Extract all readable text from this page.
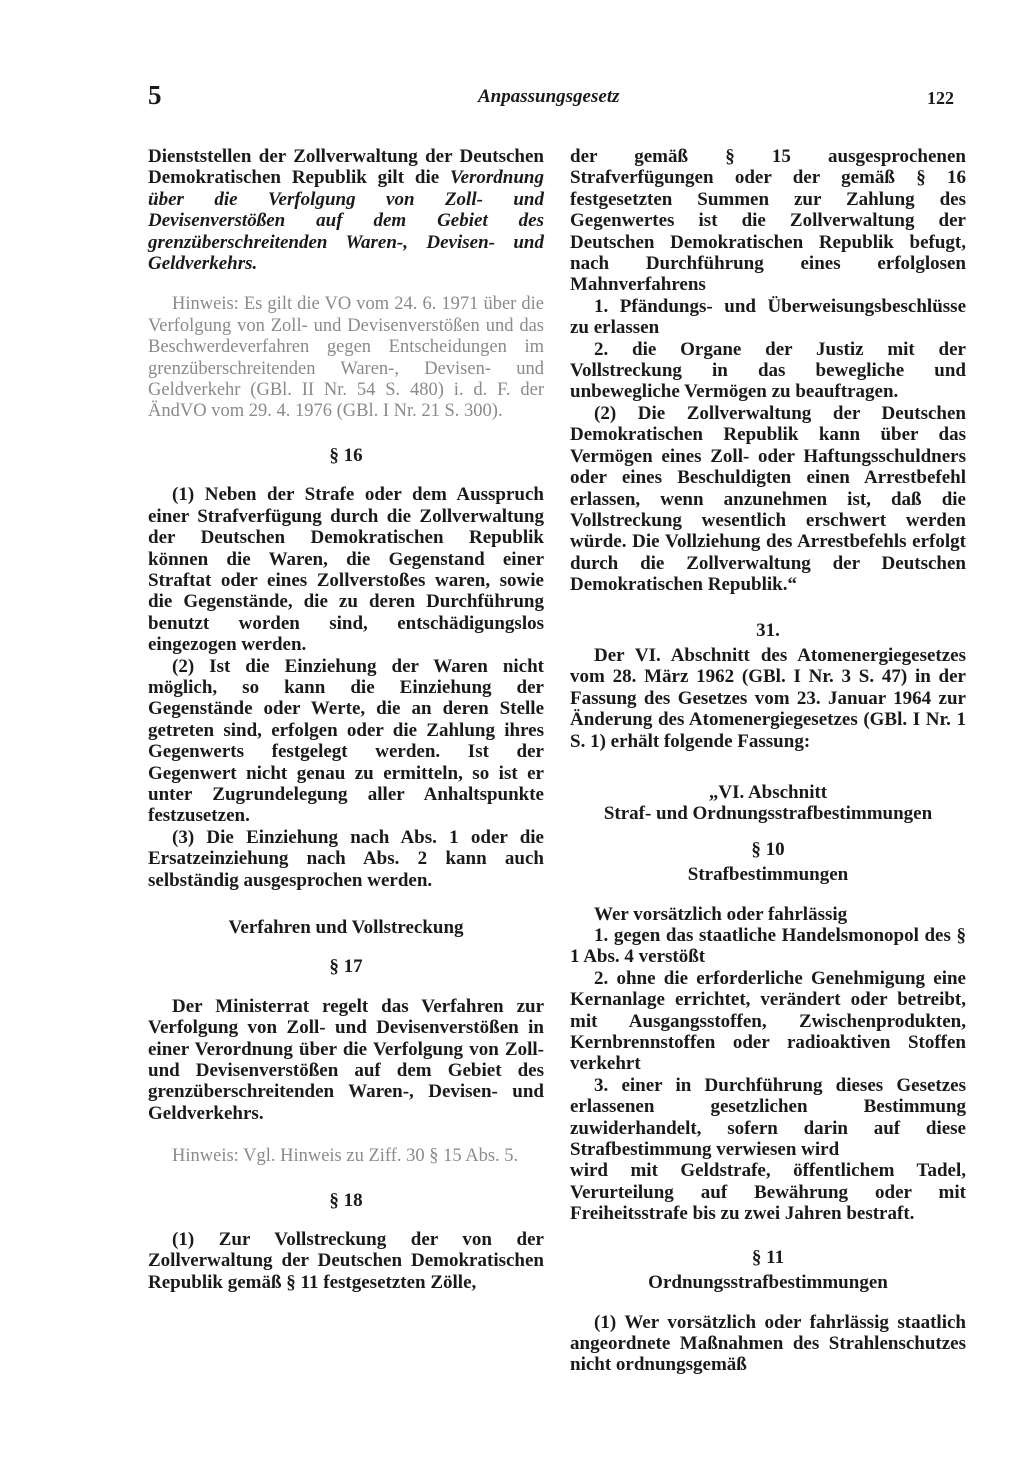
5	Anpassungsgesetz	122

Dienststellen der Zollverwaltung der Deutschen Demokratischen Republik gilt die Verordnung über die Verfolgung von Zoll- und Devisenverstößen auf dem Gebiet des grenzüberschreitenden Waren-, Devisen- und Geldverkehrs.

Hinweis: Es gilt die VO vom 24. 6. 1971 über die Verfolgung von Zoll- und Devisenverstößen und das Beschwerdeverfahren gegen Entscheidungen im grenzüberschreitenden Waren-, Devisen- und Geldverkehr (GBl. II Nr. 54 S. 480) i. d. F. der ÄndVO vom 29. 4. 1976 (GBl. I Nr. 21 S. 300).

§ 16

(1) Neben der Strafe oder dem Ausspruch einer Strafverfügung durch die Zollverwaltung der Deutschen Demokratischen Republik können die Waren, die Gegenstand einer Straftat oder eines Zollverstoßes waren, sowie die Gegenstände, die zu deren Durchführung benutzt worden sind, entschädigungslos eingezogen werden.

(2) Ist die Einziehung der Waren nicht möglich, so kann die Einziehung der Gegenstände oder Werte, die an deren Stelle getreten sind, erfolgen oder die Zahlung ihres Gegenwerts festgelegt werden. Ist der Gegenwert nicht genau zu ermitteln, so ist er unter Zugrundelegung aller Anhaltspunkte festzusetzen.

(3) Die Einziehung nach Abs. 1 oder die Ersatzeinziehung nach Abs. 2 kann auch selbständig ausgesprochen werden.

Verfahren und Vollstreckung

§ 17

Der Ministerrat regelt das Verfahren zur Verfolgung von Zoll- und Devisenverstößen in einer Verordnung über die Verfolgung von Zoll- und Devisenverstößen auf dem Gebiet des grenzüberschreitenden Waren-, Devisen- und Geldverkehrs.

Hinweis: Vgl. Hinweis zu Ziff. 30 § 15 Abs. 5.

§ 18

(1) Zur Vollstreckung der von der Zollverwaltung der Deutschen Demokratischen Republik gemäß § 11 festgesetzten Zölle,

der gemäß § 15 ausgesprochenen Strafverfügungen oder der gemäß § 16 festgesetzten Summen zur Zahlung des Gegenwertes ist die Zollverwaltung der Deutschen Demokratischen Republik befugt, nach Durchführung eines erfolglosen Mahnverfahrens

1. Pfändungs- und Überweisungsbeschlüsse zu erlassen

2. die Organe der Justiz mit der Vollstreckung in das bewegliche und unbewegliche Vermögen zu beauftragen.

(2) Die Zollverwaltung der Deutschen Demokratischen Republik kann über das Vermögen eines Zoll- oder Haftungsschuldners oder eines Beschuldigten einen Arrestbefehl erlassen, wenn anzunehmen ist, daß die Vollstreckung wesentlich erschwert werden würde. Die Vollziehung des Arrestbefehls erfolgt durch die Zollverwaltung der Deutschen Demokratischen Republik.“

31.

Der VI. Abschnitt des Atomenergiegesetzes vom 28. März 1962 (GBl. I Nr. 3 S. 47) in der Fassung des Gesetzes vom 23. Januar 1964 zur Änderung des Atomenergiegesetzes (GBl. I Nr. 1 S. 1) erhält folgende Fassung:

„VI. Abschnitt

Straf- und Ordnungsstrafbestimmungen

§ 10

Strafbestimmungen

Wer vorsätzlich oder fahrlässig

1. gegen das staatliche Handelsmonopol des § 1 Abs. 4 verstößt

2. ohne die erforderliche Genehmigung eine Kernanlage errichtet, verändert oder betreibt, mit Ausgangsstoffen, Zwischenprodukten, Kernbrennstoffen oder radioaktiven Stoffen verkehrt

3. einer in Durchführung dieses Gesetzes erlassenen gesetzlichen Bestimmung zuwiderhandelt, sofern darin auf diese Strafbestimmung verwiesen wird

wird mit Geldstrafe, öffentlichem Tadel, Verurteilung auf Bewährung oder mit Freiheitsstrafe bis zu zwei Jahren bestraft.

§ 11

Ordnungsstrafbestimmungen

(1) Wer vorsätzlich oder fahrlässig staatlich angeordnete Maßnahmen des Strahlenschutzes nicht ordnungsgemäß
